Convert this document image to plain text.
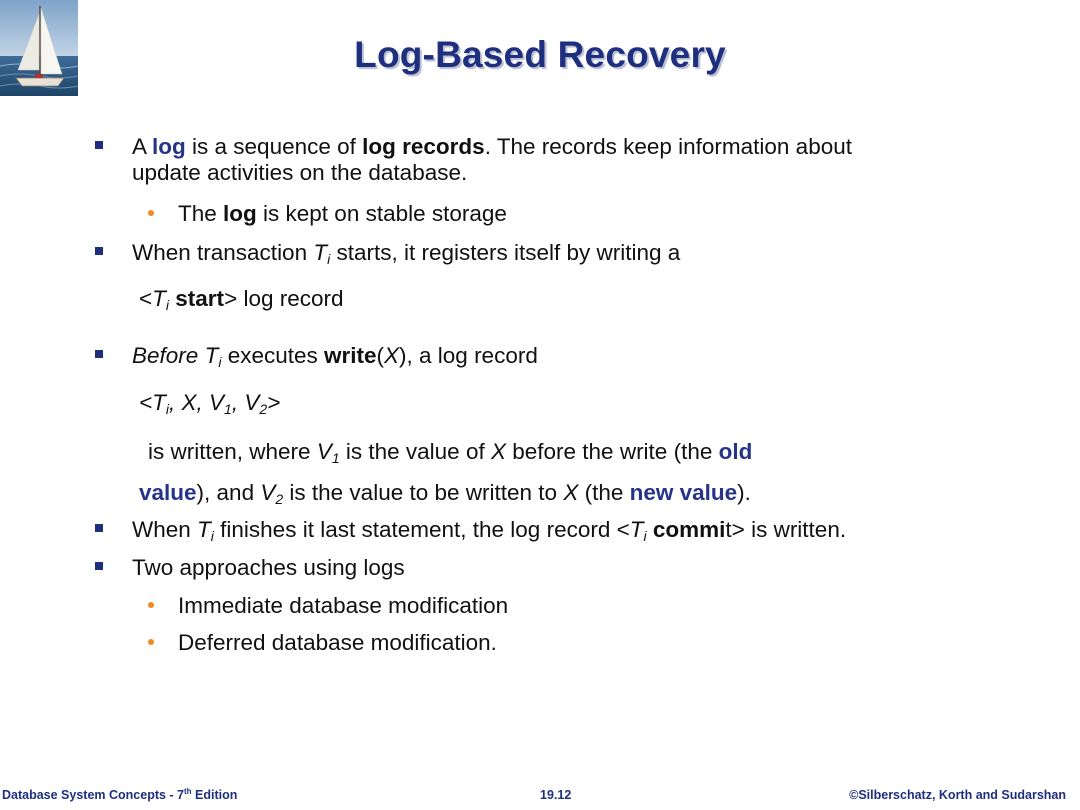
Log-Based Recovery
A log is a sequence of log records. The records keep information about
update activities on the database.
The log is kept on stable storage
When transaction $T_i$ starts, it registers itself by writing a
$<T_i$ start> log record
Before $T_i$ executes write(X), a log record
$<T_i$, X, $V_1$, $V_2>$
is written, where $V_1$ is the value of X before the write (the old
value), and $V_2$ is the value to be written to X (the new value).
When $T_i$ finishes it last statement, the log record $<T_i$ commit> is written.
Two approaches using logs
Immediate database modification
Deferred database modification.
Database System Concepts - 7th Edition	19.12	©Silberschatz, Korth and Sudarshan
